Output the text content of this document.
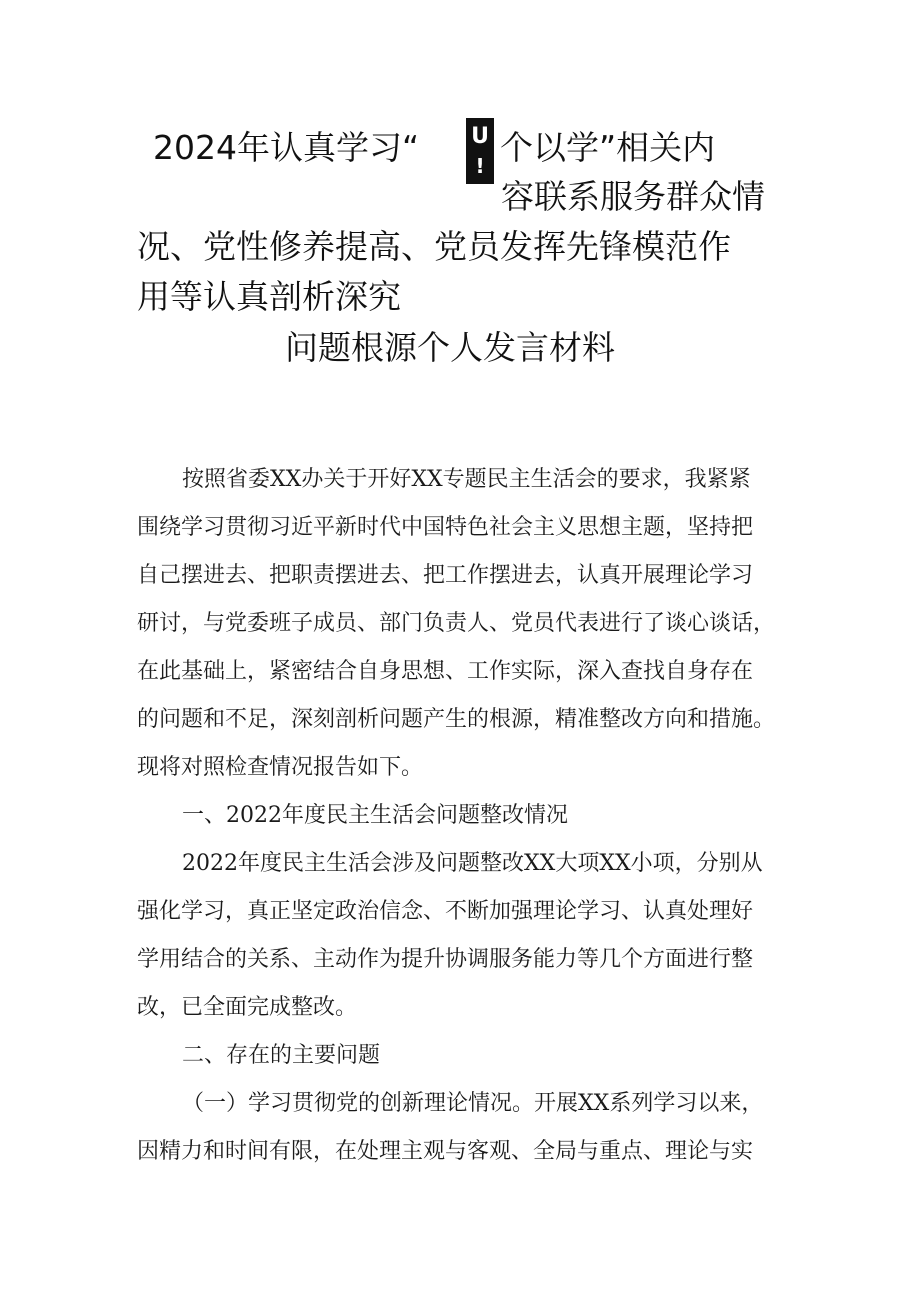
2024年认真学习“	U
! 个以学”相关内
容联系服务群众情
况、党性修养提高、党员发挥先锋模范作
用等认真剖析深究
问题根源个人发言材料
按照省委XX办关于开好XX专题民主生活会的要求，我紧紧
围绕学习贯彻习近平新时代中国特色社会主义思想主题，坚持把
自己摆进去、把职责摆进去、把工作摆进去，认真开展理论学习
研讨，与党委班子成员、部门负责人、党员代表进行了谈心谈话，
在此基础上，紧密结合自身思想、工作实际，深入查找自身存在
的问题和不足，深刻剖析问题产生的根源，精准整改方向和措施。
现将对照检查情况报告如下。
一、2022年度民主生活会问题整改情况
2022年度民主生活会涉及问题整改XX大项XX小项，分别从
强化学习，真正坚定政治信念、不断加强理论学习、认真处理好
学用结合的关系、主动作为提升协调服务能力等几个方面进行整
改，已全面完成整改。
二、存在的主要问题
（一）学习贯彻党的创新理论情况。开展XX系列学习以来，
因精力和时间有限，在处理主观与客观、全局与重点、理论与实
